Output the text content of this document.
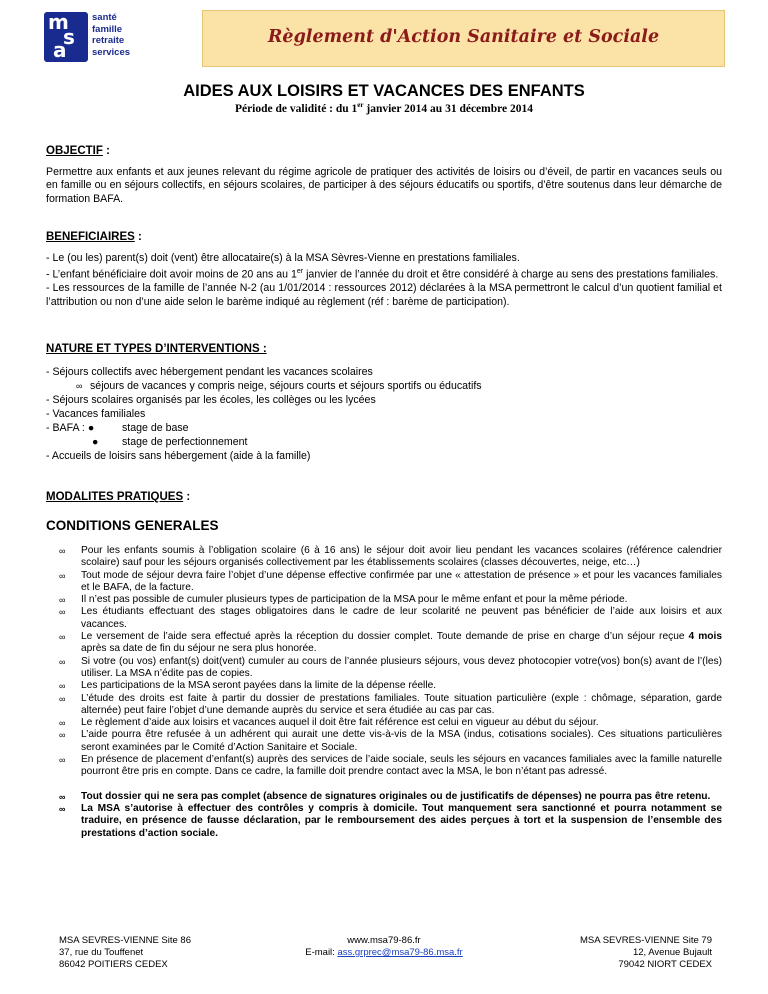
m
s
a
santé
famille
retraite
services
Règlement d'Action Sanitaire et Sociale
AIDES AUX LOISIRS ET VACANCES DES ENFANTS
Période de validité : du 1er janvier 2014 au 31 décembre 2014
OBJECTIF :
Permettre aux enfants et aux jeunes relevant du régime agricole de pratiquer des activités de loisirs ou d’éveil, de partir en vacances seuls ou en famille ou en séjours collectifs, en séjours scolaires, de participer à des séjours éducatifs ou sportifs, d’être soutenus dans leur démarche de formation BAFA.
BENEFICIAIRES :
- Le (ou les) parent(s) doit (vent) être allocataire(s) à la MSA Sèvres-Vienne en prestations familiales.
- L’enfant bénéficiaire doit avoir moins de 20 ans au 1er janvier de l’année du droit et être considéré à charge au sens des prestations familiales.
- Les ressources de la famille de l’année N-2 (au 1/01/2014 : ressources 2012) déclarées à la MSA permettront le calcul d’un quotient familial et l’attribution ou non d’une aide selon le barème indiqué au règlement (réf : barème de participation).
NATURE ET TYPES D’INTERVENTIONS :
- Séjours collectifs avec hébergement pendant les vacances scolaires
∞ séjours de vacances y compris neige, séjours courts et séjours sportifs ou éducatifs
- Séjours scolaires organisés par les écoles, les collèges ou les lycées
- Vacances familiales
- BAFA : ●	stage de base
● stage de perfectionnement
- Accueils de loisirs sans hébergement (aide à la famille)
MODALITES PRATIQUES :
CONDITIONS GENERALES
∞ Pour les enfants soumis à l’obligation scolaire (6 à 16 ans) le séjour doit avoir lieu pendant les vacances scolaires (référence calendrier scolaire) sauf pour les séjours organisés collectivement par les établissements scolaires (classes découvertes, neige, etc…)
∞ Tout mode de séjour devra faire l’objet d’une dépense effective confirmée par une « attestation de présence » et pour les vacances familiales et le BAFA, de la facture.
∞ Il n’est pas possible de cumuler plusieurs types de participation de la MSA pour le même enfant et pour la même période.
∞ Les étudiants effectuant des stages obligatoires dans le cadre de leur scolarité ne peuvent pas bénéficier de l’aide aux loisirs et aux vacances.
∞ Le versement de l’aide sera effectué après la réception du dossier complet. Toute demande de prise en charge d’un séjour reçue 4 mois après sa date de fin du séjour ne sera plus honorée.
∞ Si votre (ou vos) enfant(s) doit(vent) cumuler au cours de l’année plusieurs séjours, vous devez photocopier votre(vos) bon(s) avant de l’(les) utiliser. La MSA n’édite pas de copies.
∞ Les participations de la MSA seront payées dans la limite de la dépense réelle.
∞ L’étude des droits est faite à partir du dossier de prestations familiales. Toute situation particulière (exple : chômage, séparation, garde alternée) peut faire l’objet d’une demande auprès du service et sera étudiée au cas par cas.
∞ Le règlement d’aide aux loisirs et vacances auquel il doit être fait référence est celui en vigueur au début du séjour.
∞ L’aide pourra être refusée à un adhérent qui aurait une dette vis-à-vis de la MSA (indus, cotisations sociales). Ces situations particulières seront examinées par le Comité d’Action Sanitaire et Sociale.
∞ En présence de placement d’enfant(s) auprès des services de l’aide sociale, seuls les séjours en vacances familiales avec la famille naturelle pourront être pris en compte. Dans ce cadre, la famille doit prendre contact avec la MSA, le bon n’étant pas adressé.
∞ Tout dossier qui ne sera pas complet (absence de signatures originales ou de justificatifs de dépenses) ne pourra pas être retenu.
∞ La MSA s’autorise à effectuer des contrôles y compris à domicile. Tout manquement sera sanctionné et pourra notamment se traduire, en présence de fausse déclaration, par le remboursement des aides perçues à tort et la suspension de l’ensemble des prestations d’action sociale.
MSA SEVRES-VIENNE Site 86
37, rue du Touffenet
86042 POITIERS CEDEX
www.msa79-86.fr
E-mail: ass.grprec@msa79-86.msa.fr
MSA SEVRES-VIENNE Site 79
12, Avenue Bujault
79042 NIORT CEDEX
